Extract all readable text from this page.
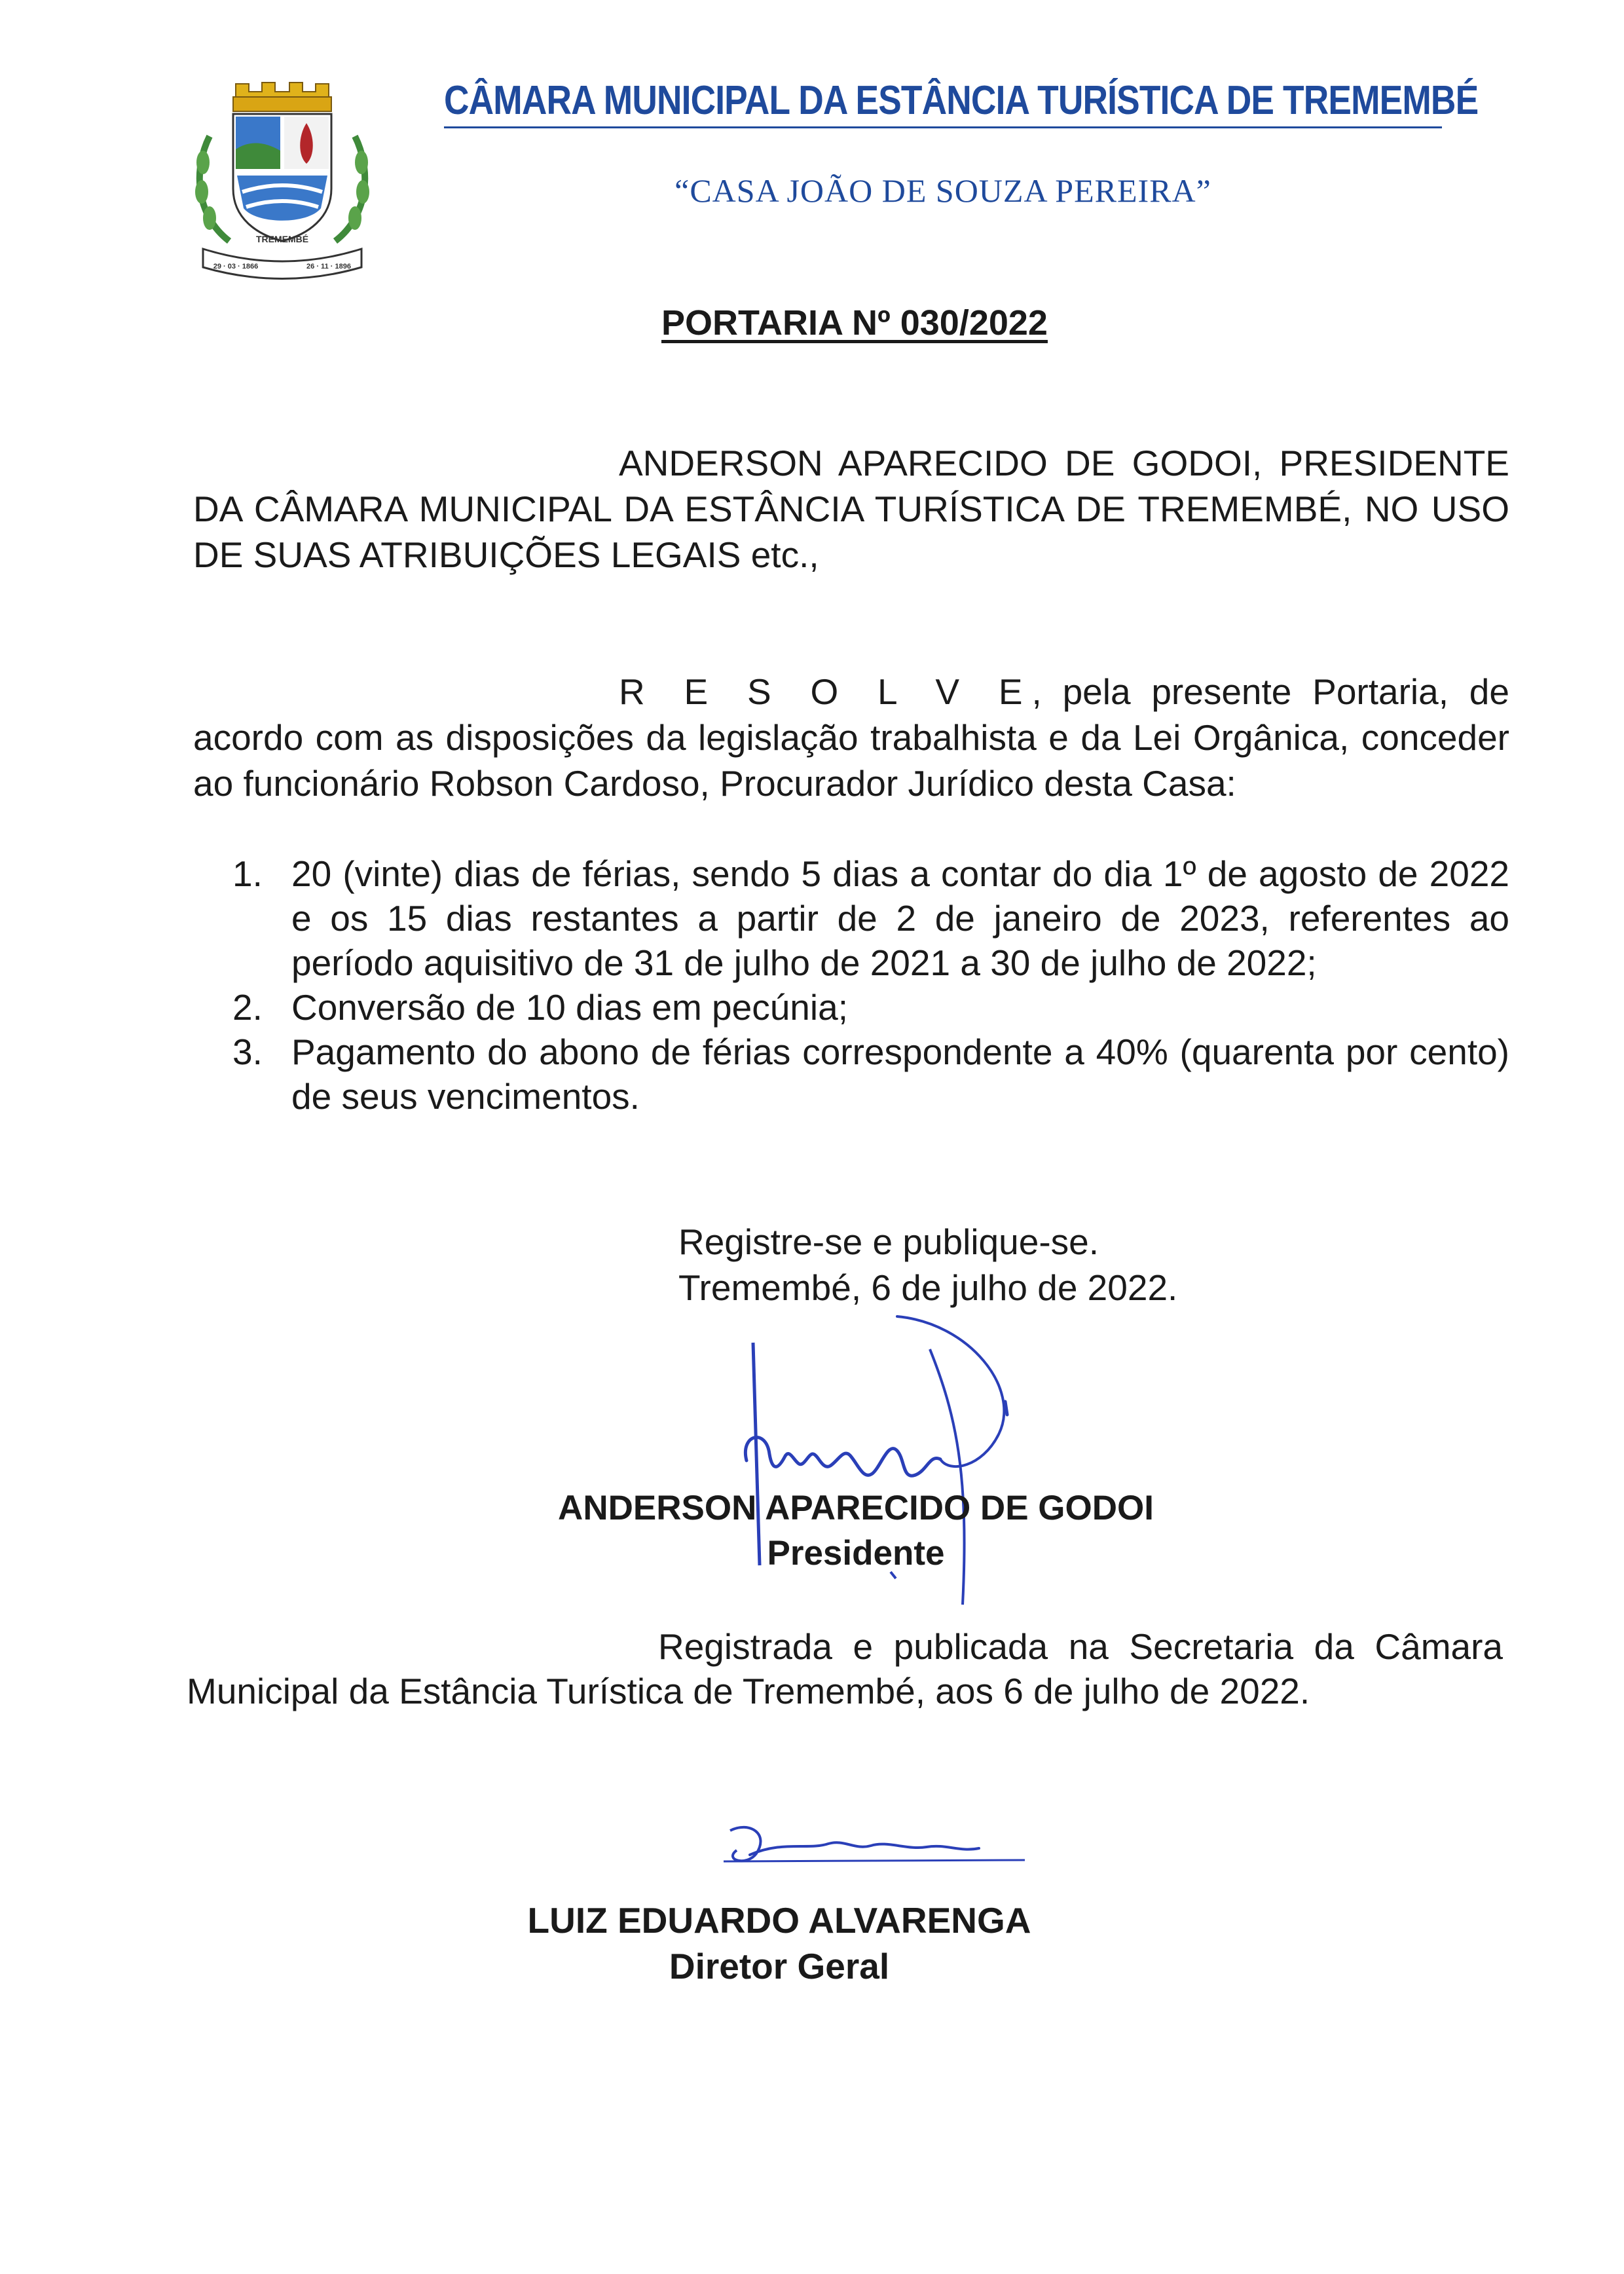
TREMEMBÉ
29 · 03 · 1866	26 · 11 · 1896
CÂMARA MUNICIPAL DA ESTÂNCIA TURÍSTICA DE TREMEMBÉ
“CASA JOÃO DE SOUZA PEREIRA”
PORTARIA Nº 030/2022
ANDERSON APARECIDO DE GODOI, PRESIDENTE DA CÂMARA MUNICIPAL DA ESTÂNCIA TURÍSTICA DE TREMEMBÉ, NO USO DE SUAS ATRIBUIÇÕES LEGAIS etc.,
R E S O L V E, pela presente Portaria, de acordo com as disposições da legislação trabalhista e da Lei Orgânica, conceder ao funcionário Robson Cardoso, Procurador Jurídico desta Casa:
1. 20 (vinte) dias de férias, sendo 5 dias a contar do dia 1º de agosto de 2022 e os 15 dias restantes a partir de 2 de janeiro de 2023, referentes ao período aquisitivo de 31 de julho de 2021 a 30 de julho de 2022;
2. Conversão de 10 dias em pecúnia;
3. Pagamento do abono de férias correspondente a 40% (quarenta por cento) de seus vencimentos.
Registre-se e publique-se.
Tremembé, 6 de julho de 2022.
ANDERSON APARECIDO DE GODOI
Presidente
Registrada e publicada na Secretaria da Câmara Municipal da Estância Turística de Tremembé, aos 6 de julho de 2022.
LUIZ EDUARDO ALVARENGA
Diretor Geral
